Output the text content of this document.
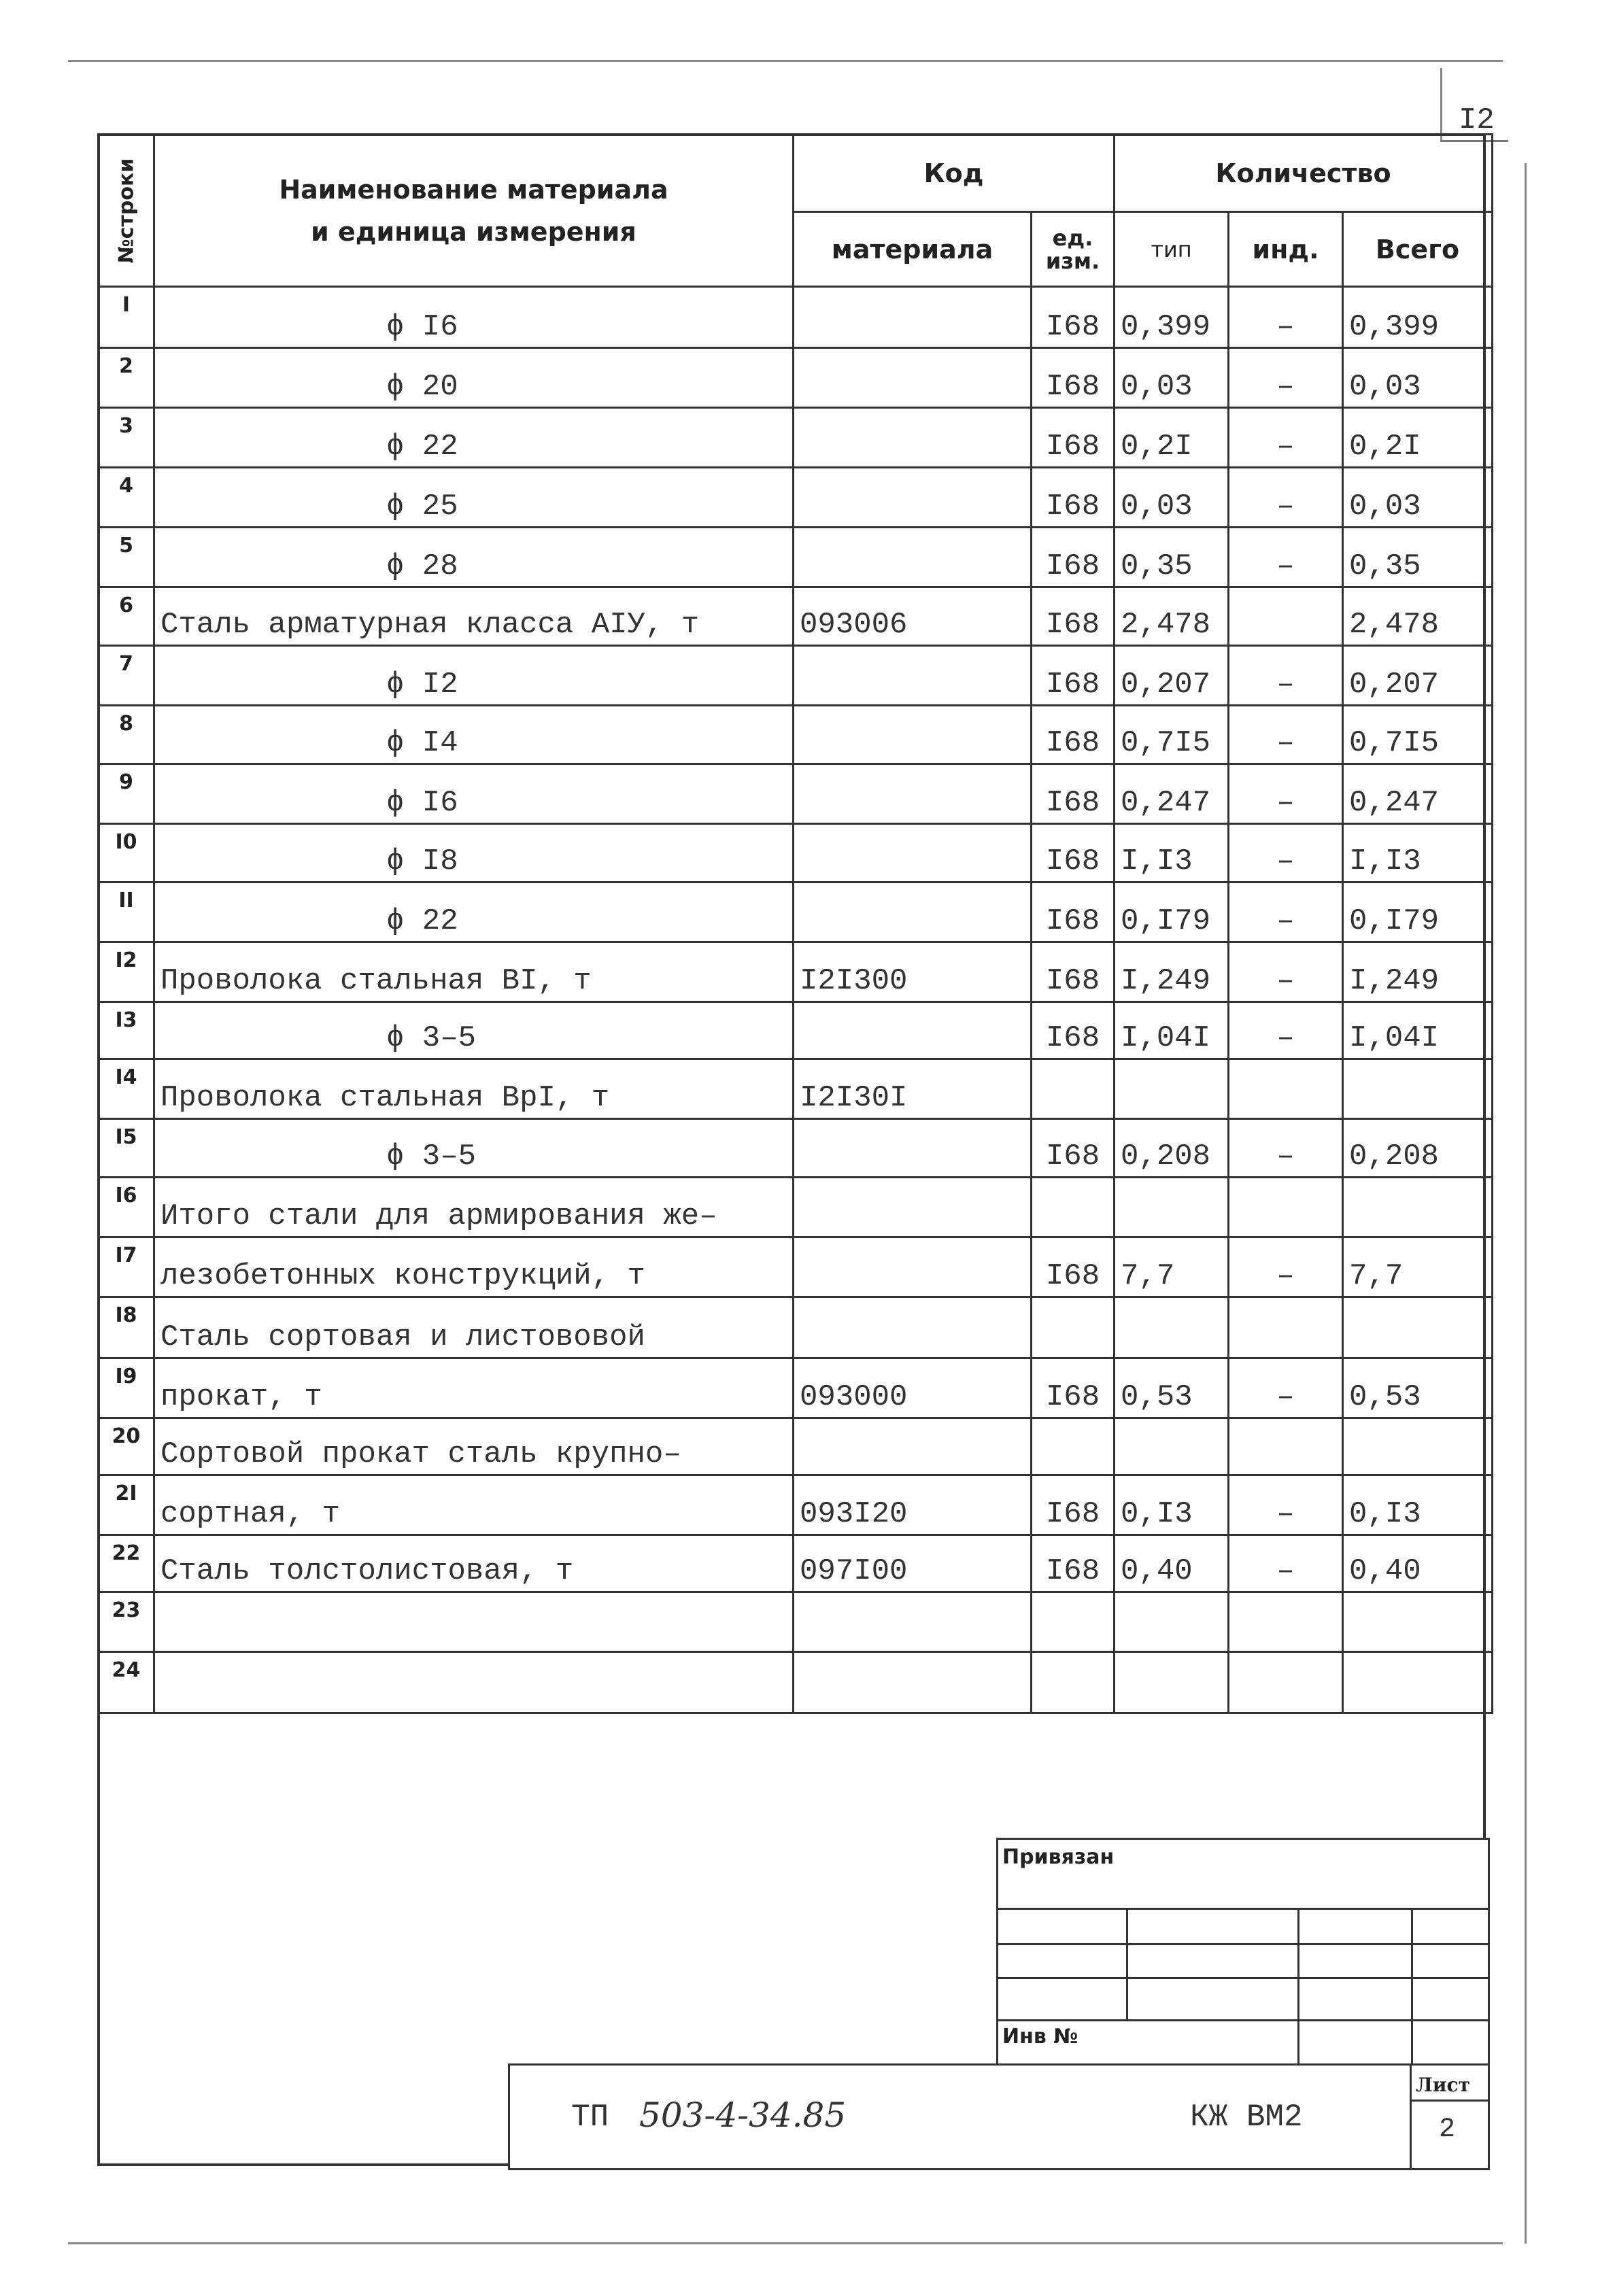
I2
№строки	Наименование материала
и единица измерения	Код		Количество		
		материала	ед. изм.	тип	инд.	Всего
I	ϕ I6		I68	0,399	–	0,399
2	ϕ 20		I68	0,03	–	0,03
3	ϕ 22		I68	0,2I	–	0,2I
4	ϕ 25		I68	0,03	–	0,03
5	ϕ 28		I68	0,35	–	0,35
6	Сталь арматурная класса АIУ, т	093006	I68	2,478		2,478
7	ϕ I2		I68	0,207	–	0,207
8	ϕ I4		I68	0,7I5	–	0,7I5
9	ϕ I6		I68	0,247	–	0,247
I0	ϕ I8		I68	I,I3	–	I,I3
II	ϕ 22		I68	0,I79	–	0,I79
I2	Проволока стальная ВI, т	I2I300	I68	I,249	–	I,249
I3	ϕ 3–5		I68	I,04I	–	I,04I
I4	Проволока стальная ВрI, т	I2I30I				
I5	ϕ 3–5		I68	0,208	–	0,208
I6	Итого стали для армирования же–					
I7	лезобетонных конструкций, т		I68	7,7	–	7,7
I8	Сталь сортовая и листововой					
I9	прокат, т	093000	I68	0,53	–	0,53
20	Сортовой прокат сталь крупно–					
2I	сортная, т	093I20	I68	0,I3	–	0,I3
22	Сталь толстолистовая, т	097I00	I68	0,40	–	0,40
23						
24						
Привязан
Инв №
ТП 503-4-34.85	КЖ ВМ2
Лист
2
